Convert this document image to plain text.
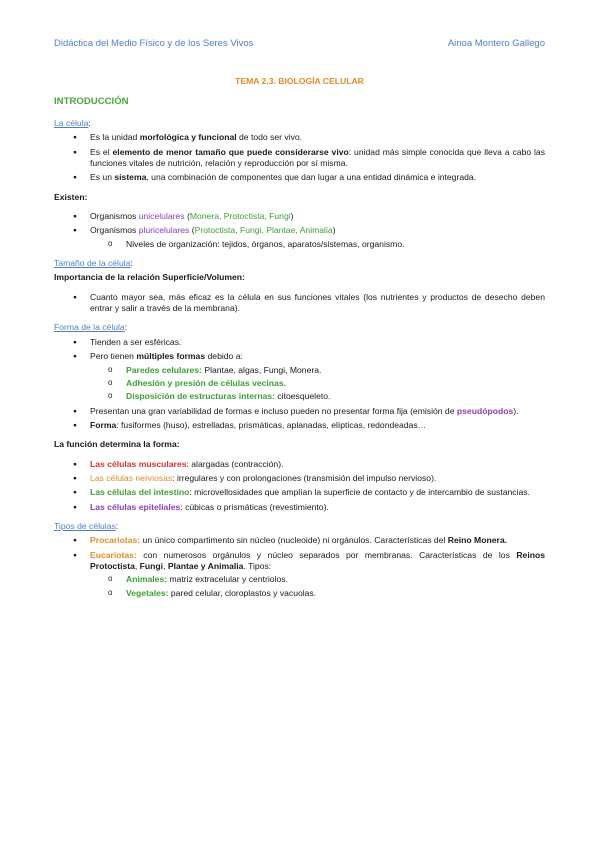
Didáctica del Medio Físico y de los Seres Vivos	Ainoa Montero Gallego
TEMA 2.3. BIOLOGÍA CELULAR
INTRODUCCIÓN
La célula:
● Es la unidad morfológica y funcional de todo ser vivo.
● Es el elemento de menor tamaño que puede considerarse vivo: unidad más simple conocida que lleva a cabo las funciones vitales de nutrición, relación y reproducción por sí misma.
● Es un sistema, una combinación de componentes que dan lugar a una entidad dinámica e integrada.
Existen:
● Organismos unicelulares (Monera, Protoctista, Fungi)
● Organismos pluricelulares (Protoctista, Fungi, Plantae, Animalia)
o Niveles de organización: tejidos, órganos, aparatos/sistemas, organismo.
Tamaño de la célula:
Importancia de la relación Superficie/Volumen:
● Cuanto mayor sea, más eficaz es la célula en sus funciones vitales (los nutrientes y productos de desecho deben entrar y salir a través de la membrana).
Forma de la célula:
● Tienden a ser esféricas.
● Pero tienen múltiples formas debido a:
o Paredes celulares: Plantae, algas, Fungi, Monera.
o Adhesión y presión de células vecinas.
o Disposición de estructuras internas: citoesqueleto.
● Presentan una gran variabilidad de formas e incluso pueden no presentar forma fija (emisión de pseudópodos).
● Forma: fusiformes (huso), estrelladas, prismáticas, aplanadas, elípticas, redondeadas…
La función determina la forma:
● Las células musculares: alargadas (contracción).
● Las células nerviosas: irregulares y con prolongaciones (transmisión del impulso nervioso).
● Las células del intestino: microvellosidades que amplían la superficie de contacto y de intercambio de sustancias.
● Las células epiteliales: cúbicas o prismáticas (revestimiento).
Tipos de células:
● Procariotas: un único compartimento sin núcleo (nucleoide) ni orgánulos. Características del Reino Monera.
● Eucariotas: con numerosos orgánulos y núcleo separados por membranas. Características de los Reinos Protoctista, Fungi, Plantae y Animalia. Tipos:
o Animales: matriz extracelular y centriolos.
o Vegetales: pared celular, cloroplastos y vacuolas.
